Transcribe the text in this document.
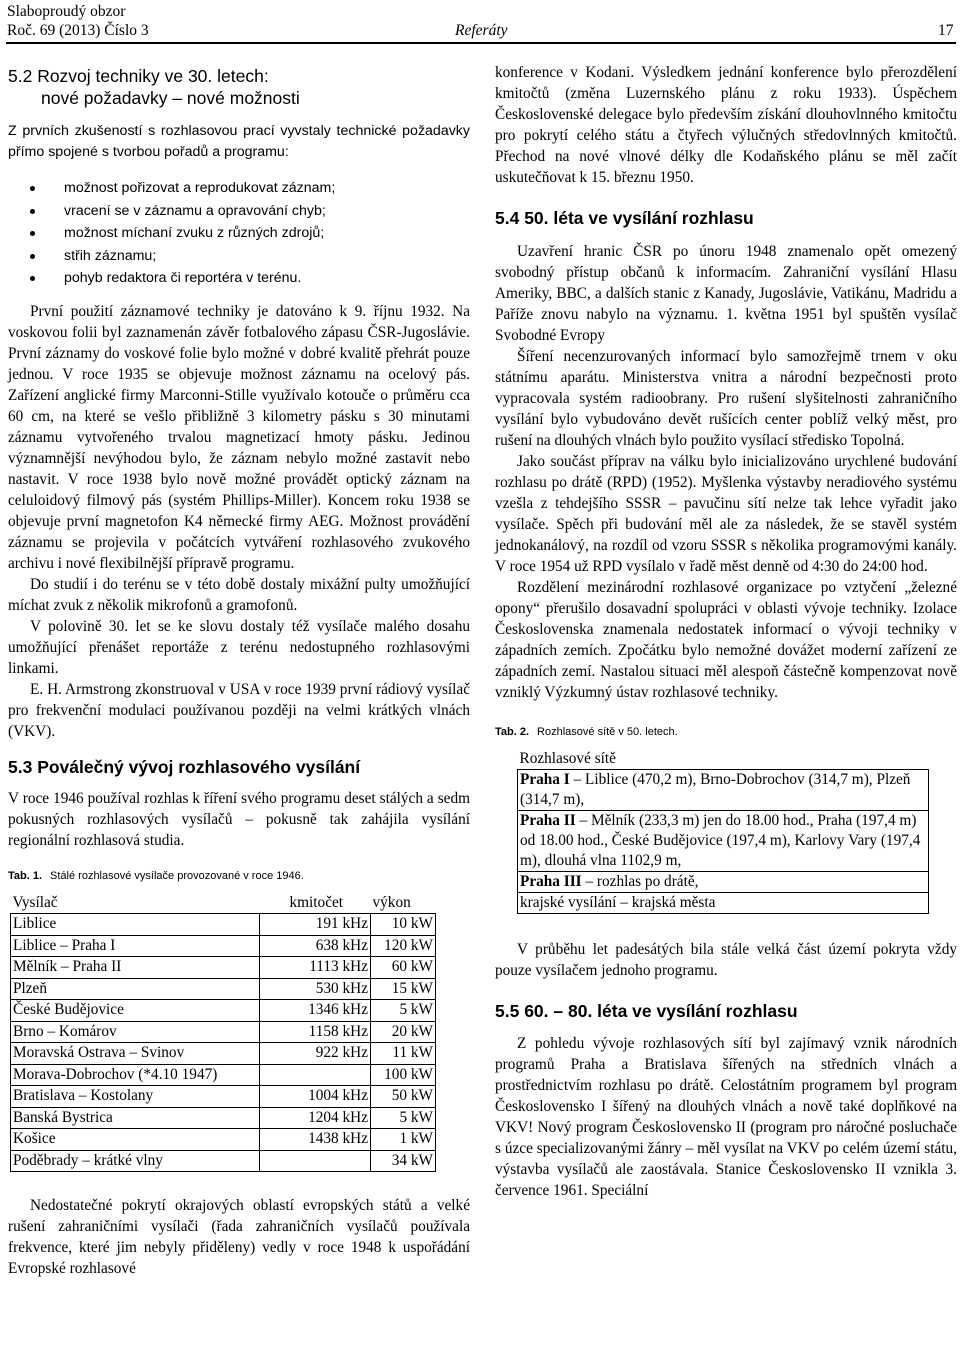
Slaboproudý obzor
Roč. 69 (2013) Číslo 3	Referáty	17
5.2 Rozvoj techniky ve 30. letech:
nové požadavky – nové možnosti

Z prvních zkušeností s rozhlasovou prací vyvstaly technické požadavky přímo spojené s tvorbou pořadů a programu:

možnost pořizovat a reprodukovat záznam;
vracení se v záznamu a opravování chyb;
možnost míchaní zvuku z různých zdrojů;
střih záznamu;
pohyb redaktora či reportéra v terénu.

První použití záznamové techniky je datováno k 9. říjnu 1932. Na voskovou folii byl zaznamenán závěr fotbalového zápasu ČSR-Jugoslávie. První záznamy do voskové folie bylo možné v dobré kvalitě přehrát pouze jednou. V roce 1935 se objevuje možnost záznamu na ocelový pás. Zařízení anglické firmy Marconni-Stille využívalo kotouče o průměru cca 60 cm, na které se vešlo přibližně 3 kilometry pásku s 30 minutami záznamu vytvořeného trvalou magnetizací hmoty pásku. Jedinou významnější nevýhodou bylo, že záznam nebylo možné zastavit nebo nastavit. V roce 1938 bylo nově možné provádět optický záznam na celuloidový filmový pás (systém Phillips-Miller). Koncem roku 1938 se objevuje první magnetofon K4 německé firmy AEG. Možnost provádění záznamu se projevila v počátcích vytváření rozhlasového zvukového archivu i nové flexibilnější přípravě programu.

Do studií i do terénu se v této době dostaly mixážní pulty umožňující míchat zvuk z několik mikrofonů a gramofonů.

V polovině 30. let se ke slovu dostaly též vysílače malého dosahu umožňující přenášet reportáže z terénu nedostupného rozhlasovými linkami.

E. H. Armstrong zkonstruoval v USA v roce 1939 první rádiový vysílač pro frekvenční modulaci používanou později na velmi krátkých vlnách (VKV).

5.3 Poválečný vývoj rozhlasového vysílání

V roce 1946 používal rozhlas k říření svého programu deset stálých a sedm pokusných rozhlasových vysílačů – pokusně tak zahájila vysílání regionální rozhlasová studia.

Tab. 1. Stálé rozhlasové vysílače provozované v roce 1946.

Vysílač	kmitočet	výkon
Liblice	191 kHz	10 kW
Liblice – Praha I	638 kHz	120 kW
Mělník – Praha II	1113 kHz	60 kW
Plzeň	530 kHz	15 kW
České Budějovice	1346 kHz	5 kW
Brno – Komárov	1158 kHz	20 kW
Moravská Ostrava – Svinov	922 kHz	11 kW
Morava-Dobrochov (*4.10 1947)		100 kW
Bratislava – Kostolany	1004 kHz	50 kW
Banská Bystrica	1204 kHz	5 kW
Košice	1438 kHz	1 kW
Poděbrady – krátké vlny		34 kW

Nedostatečné pokrytí okrajových oblastí evropských států a velké rušení zahraničními vysílači (řada zahraničních vysílačů používala frekvence, které jim nebyly přiděleny) vedly v roce 1948 k uspořádání Evropské rozhlasové

konference v Kodani. Výsledkem jednání konference bylo přerozdělení kmitočtů (změna Luzernského plánu z roku 1933). Úspěchem Československé delegace bylo především získání dlouhovlnného kmitočtu pro pokrytí celého státu a čtyřech výlučných středovlnných kmitočtů. Přechod na nové vlnové délky dle Kodaňského plánu se měl začít uskutečňovat k 15. březnu 1950.

5.4 50. léta ve vysílání rozhlasu

Uzavření hranic ČSR po únoru 1948 znamenalo opět omezený svobodný přístup občanů k informacím. Zahraniční vysílání Hlasu Ameriky, BBC, a dalších stanic z Kanady, Jugoslávie, Vatikánu, Madridu a Paříže znovu nabylo na významu. 1. května 1951 byl spuštěn vysílač Svobodné Evropy

Šíření necenzurovaných informací bylo samozřejmě trnem v oku státnímu aparátu. Ministerstva vnitra a národní bezpečnosti proto vypracovala systém radioobrany. Pro rušení slyšitelnosti zahraničního vysílání bylo vybudováno devět rušících center poblíž velký měst, pro rušení na dlouhých vlnách bylo použito vysílací středisko Topolná.

Jako součást příprav na válku bylo inicializováno urychlené budování rozhlasu po drátě (RPD) (1952). Myšlenka výstavby neradiového systému vzešla z tehdejšího SSSR – pavučinu sítí nelze tak lehce vyřadit jako vysílače. Spěch při budování měl ale za následek, že se stavěl systém jednokanálový, na rozdíl od vzoru SSSR s několika programovými kanály. V roce 1954 už RPD vysílalo v řadě měst denně od 4:30 do 24:00 hod.

Rozdělení mezinárodní rozhlasové organizace po vztyčení „železné opony“ přerušilo dosavadní spolupráci v oblasti vývoje techniky. Izolace Československa znamenala nedostatek informací o vývoji techniky v západních zemích. Zpočátku bylo nemožné dovážet moderní zařízení ze západních zemí. Nastalou situaci měl alespoň částečně kompenzovat nově vzniklý Výzkumný ústav rozhlasové techniky.

Tab. 2. Rozhlasové sítě v 50. letech.

Rozhlasové sítě
Praha I – Liblice (470,2 m), Brno-Dobrochov (314,7 m), Plzeň (314,7 m),
Praha II – Mělník (233,3 m) jen do 18.00 hod., Praha (197,4 m) od 18.00 hod., České Budějovice (197,4 m), Karlovy Vary (197,4 m), dlouhá vlna 1102,9 m,
Praha III – rozhlas po drátě,
krajské vysílání – krajská města

V průběhu let padesátých bila stále velká část území pokryta vždy pouze vysílačem jednoho programu.

5.5 60. – 80. léta ve vysílání rozhlasu

Z pohledu vývoje rozhlasových sítí byl zajímavý vznik národních programů Praha a Bratislava šířených na středních vlnách a prostřednictvím rozhlasu po drátě. Celostátním programem byl program Československo I šířený na dlouhých vlnách a nově také doplňkové na VKV! Nový program Československo II (program pro náročné posluchače s úzce specializovanými žánry – měl vysílat na VKV po celém území státu, výstavba vysílačů ale zaostávala. Stanice Československo II vznikla 3. července 1961. Speciální
